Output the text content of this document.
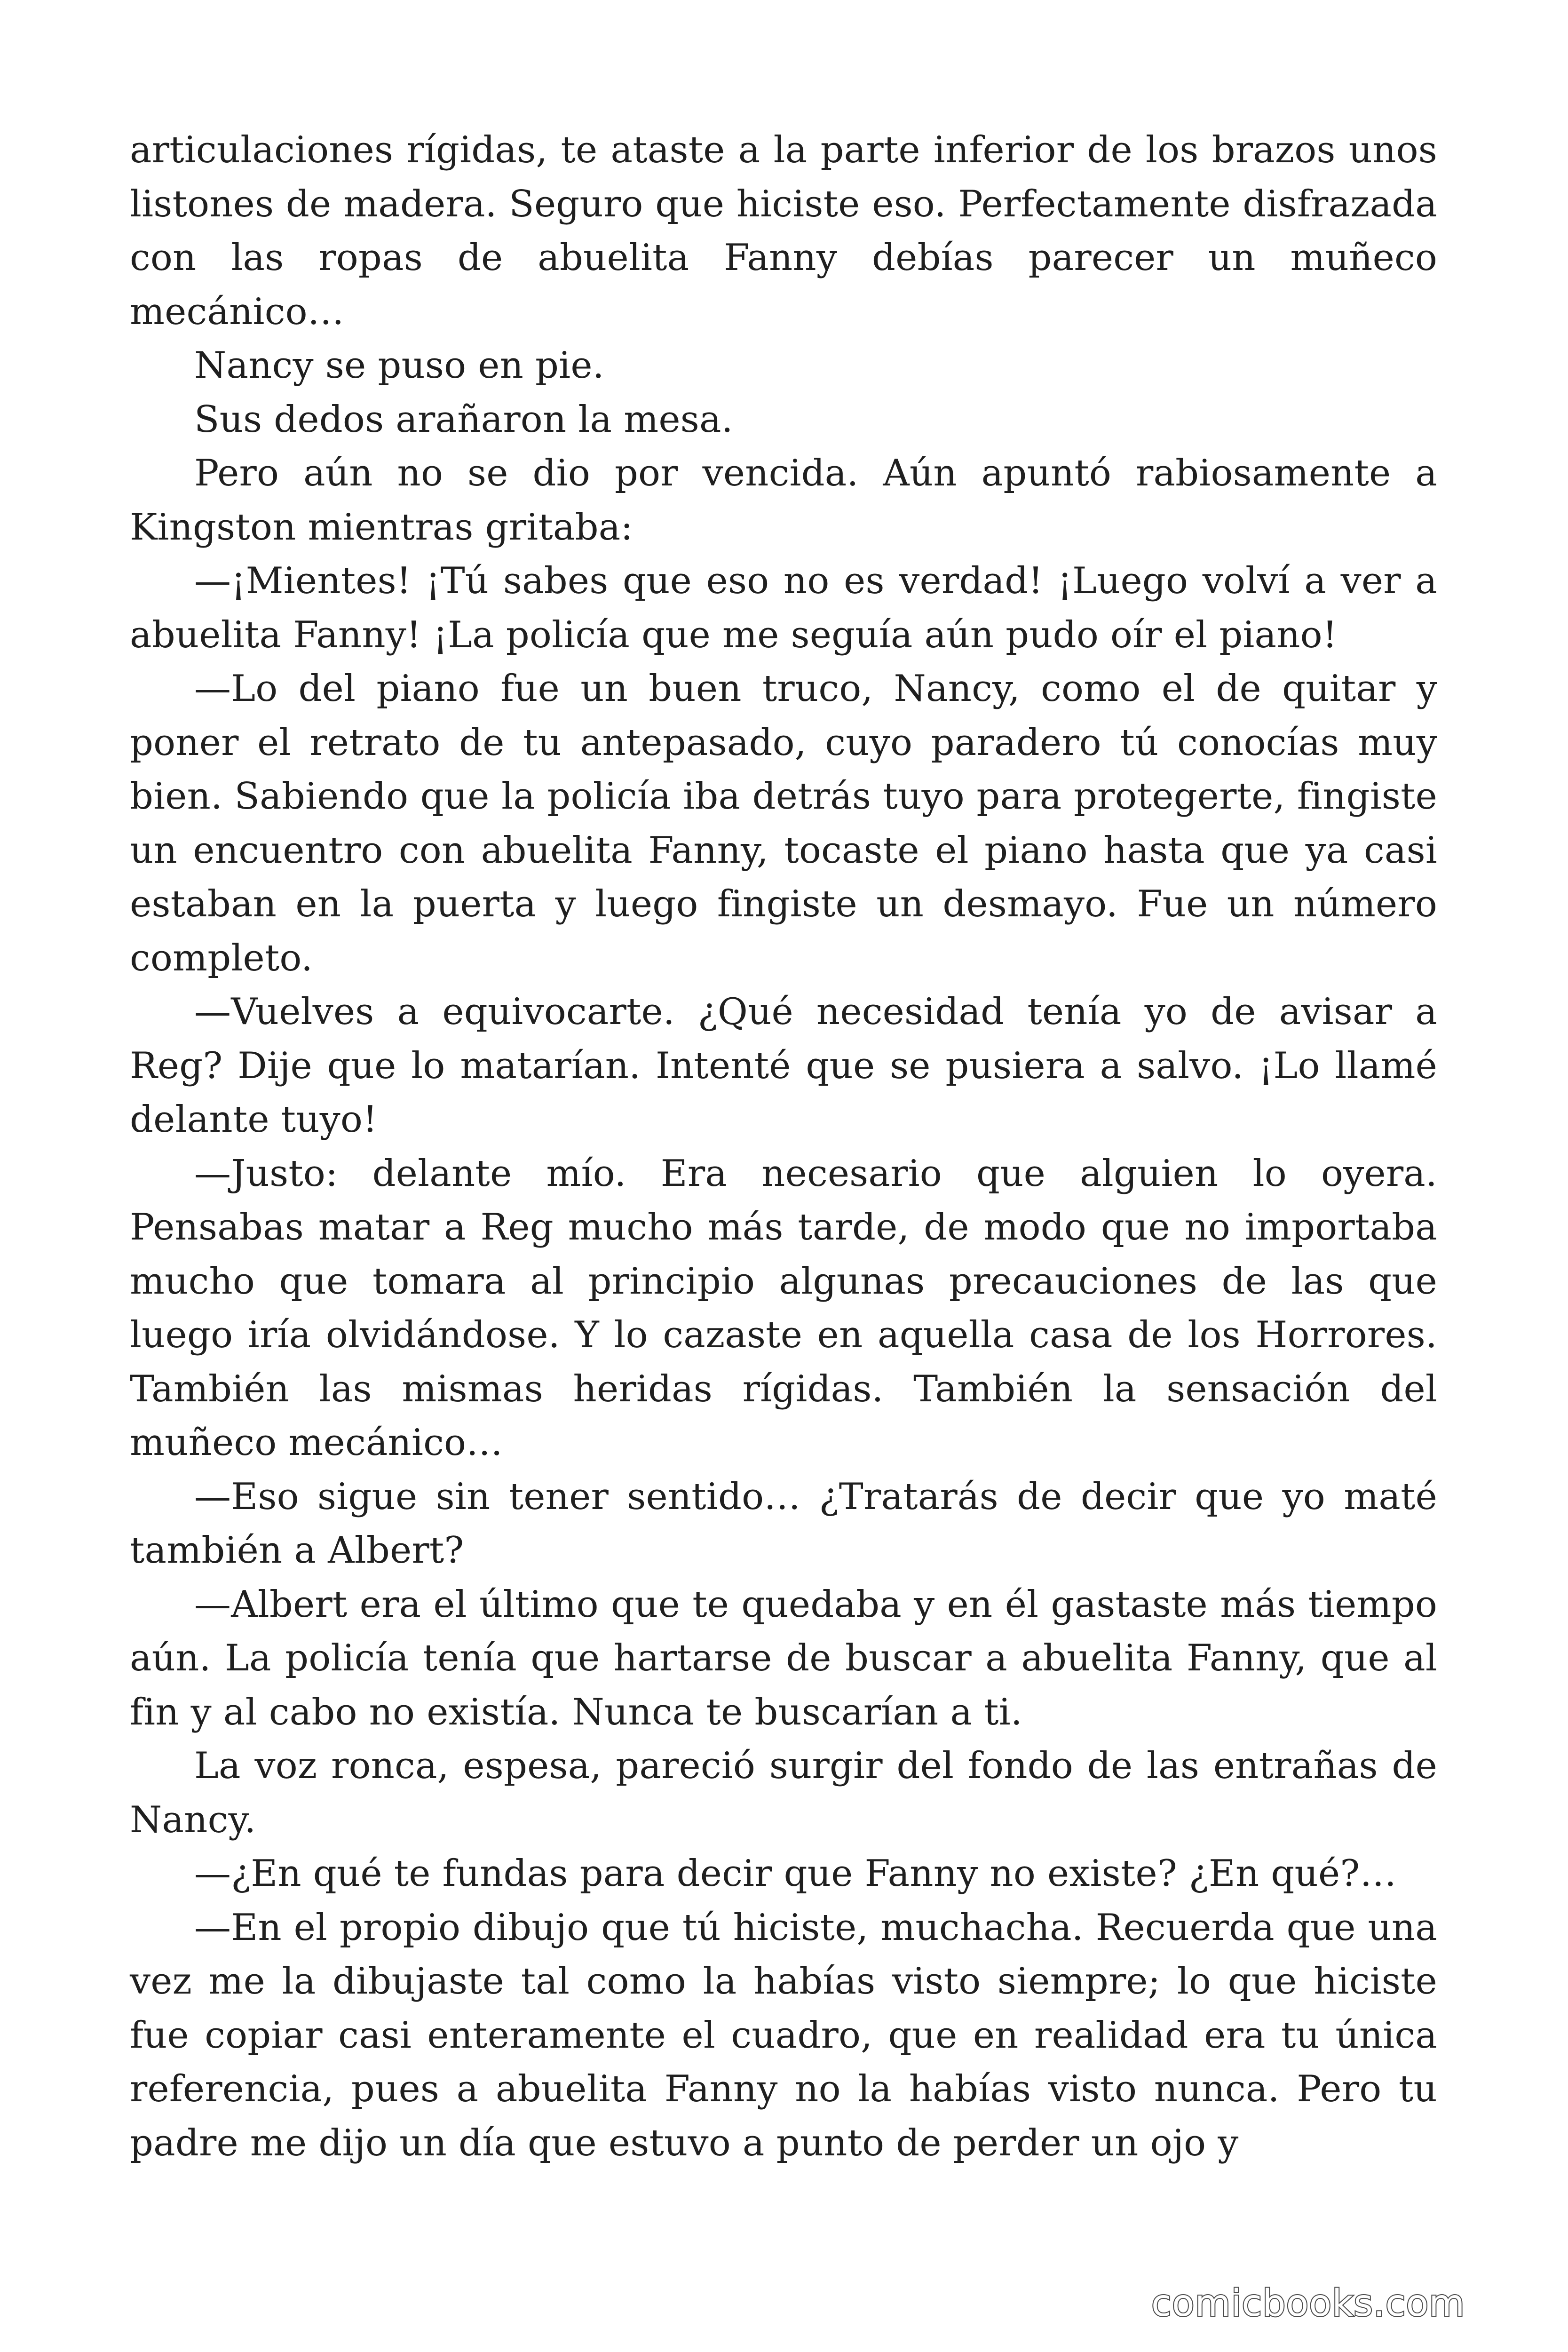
articulaciones rígidas, te ataste a la parte inferior de los brazos unos listones de madera. Seguro que hiciste eso. Perfectamente disfrazada con las ropas de abuelita Fanny debías parecer un muñeco mecánico…

Nancy se puso en pie.

Sus dedos arañaron la mesa.

Pero aún no se dio por vencida. Aún apuntó rabiosamente a Kingston mientras gritaba:

—¡Mientes! ¡Tú sabes que eso no es verdad! ¡Luego volví a ver a abuelita Fanny! ¡La policía que me seguía aún pudo oír el piano!

—Lo del piano fue un buen truco, Nancy, como el de quitar y poner el retrato de tu antepasado, cuyo paradero tú conocías muy bien. Sabiendo que la policía iba detrás tuyo para protegerte, fingiste un encuentro con abuelita Fanny, tocaste el piano hasta que ya casi estaban en la puerta y luego fingiste un desmayo. Fue un número completo.

—Vuelves a equivocarte. ¿Qué necesidad tenía yo de avisar a Reg? Dije que lo matarían. Intenté que se pusiera a salvo. ¡Lo llamé delante tuyo!

—Justo: delante mío. Era necesario que alguien lo oyera. Pensabas matar a Reg mucho más tarde, de modo que no importaba mucho que tomara al principio algunas precauciones de las que luego iría olvidándose. Y lo cazaste en aquella casa de los Horrores. También las mismas heridas rígidas. También la sensación del muñeco mecánico…

—Eso sigue sin tener sentido… ¿Tratarás de decir que yo maté también a Albert?

—Albert era el último que te quedaba y en él gastaste más tiempo aún. La policía tenía que hartarse de buscar a abuelita Fanny, que al fin y al cabo no existía. Nunca te buscarían a ti.

La voz ronca, espesa, pareció surgir del fondo de las entrañas de Nancy.

—¿En qué te fundas para decir que Fanny no existe? ¿En qué?…

—En el propio dibujo que tú hiciste, muchacha. Recuerda que una vez me la dibujaste tal como la habías visto siempre; lo que hiciste fue copiar casi enteramente el cuadro, que en realidad era tu única referencia, pues a abuelita Fanny no la habías visto nunca. Pero tu padre me dijo un día que estuvo a punto de perder un ojo y

comicbooks.com
